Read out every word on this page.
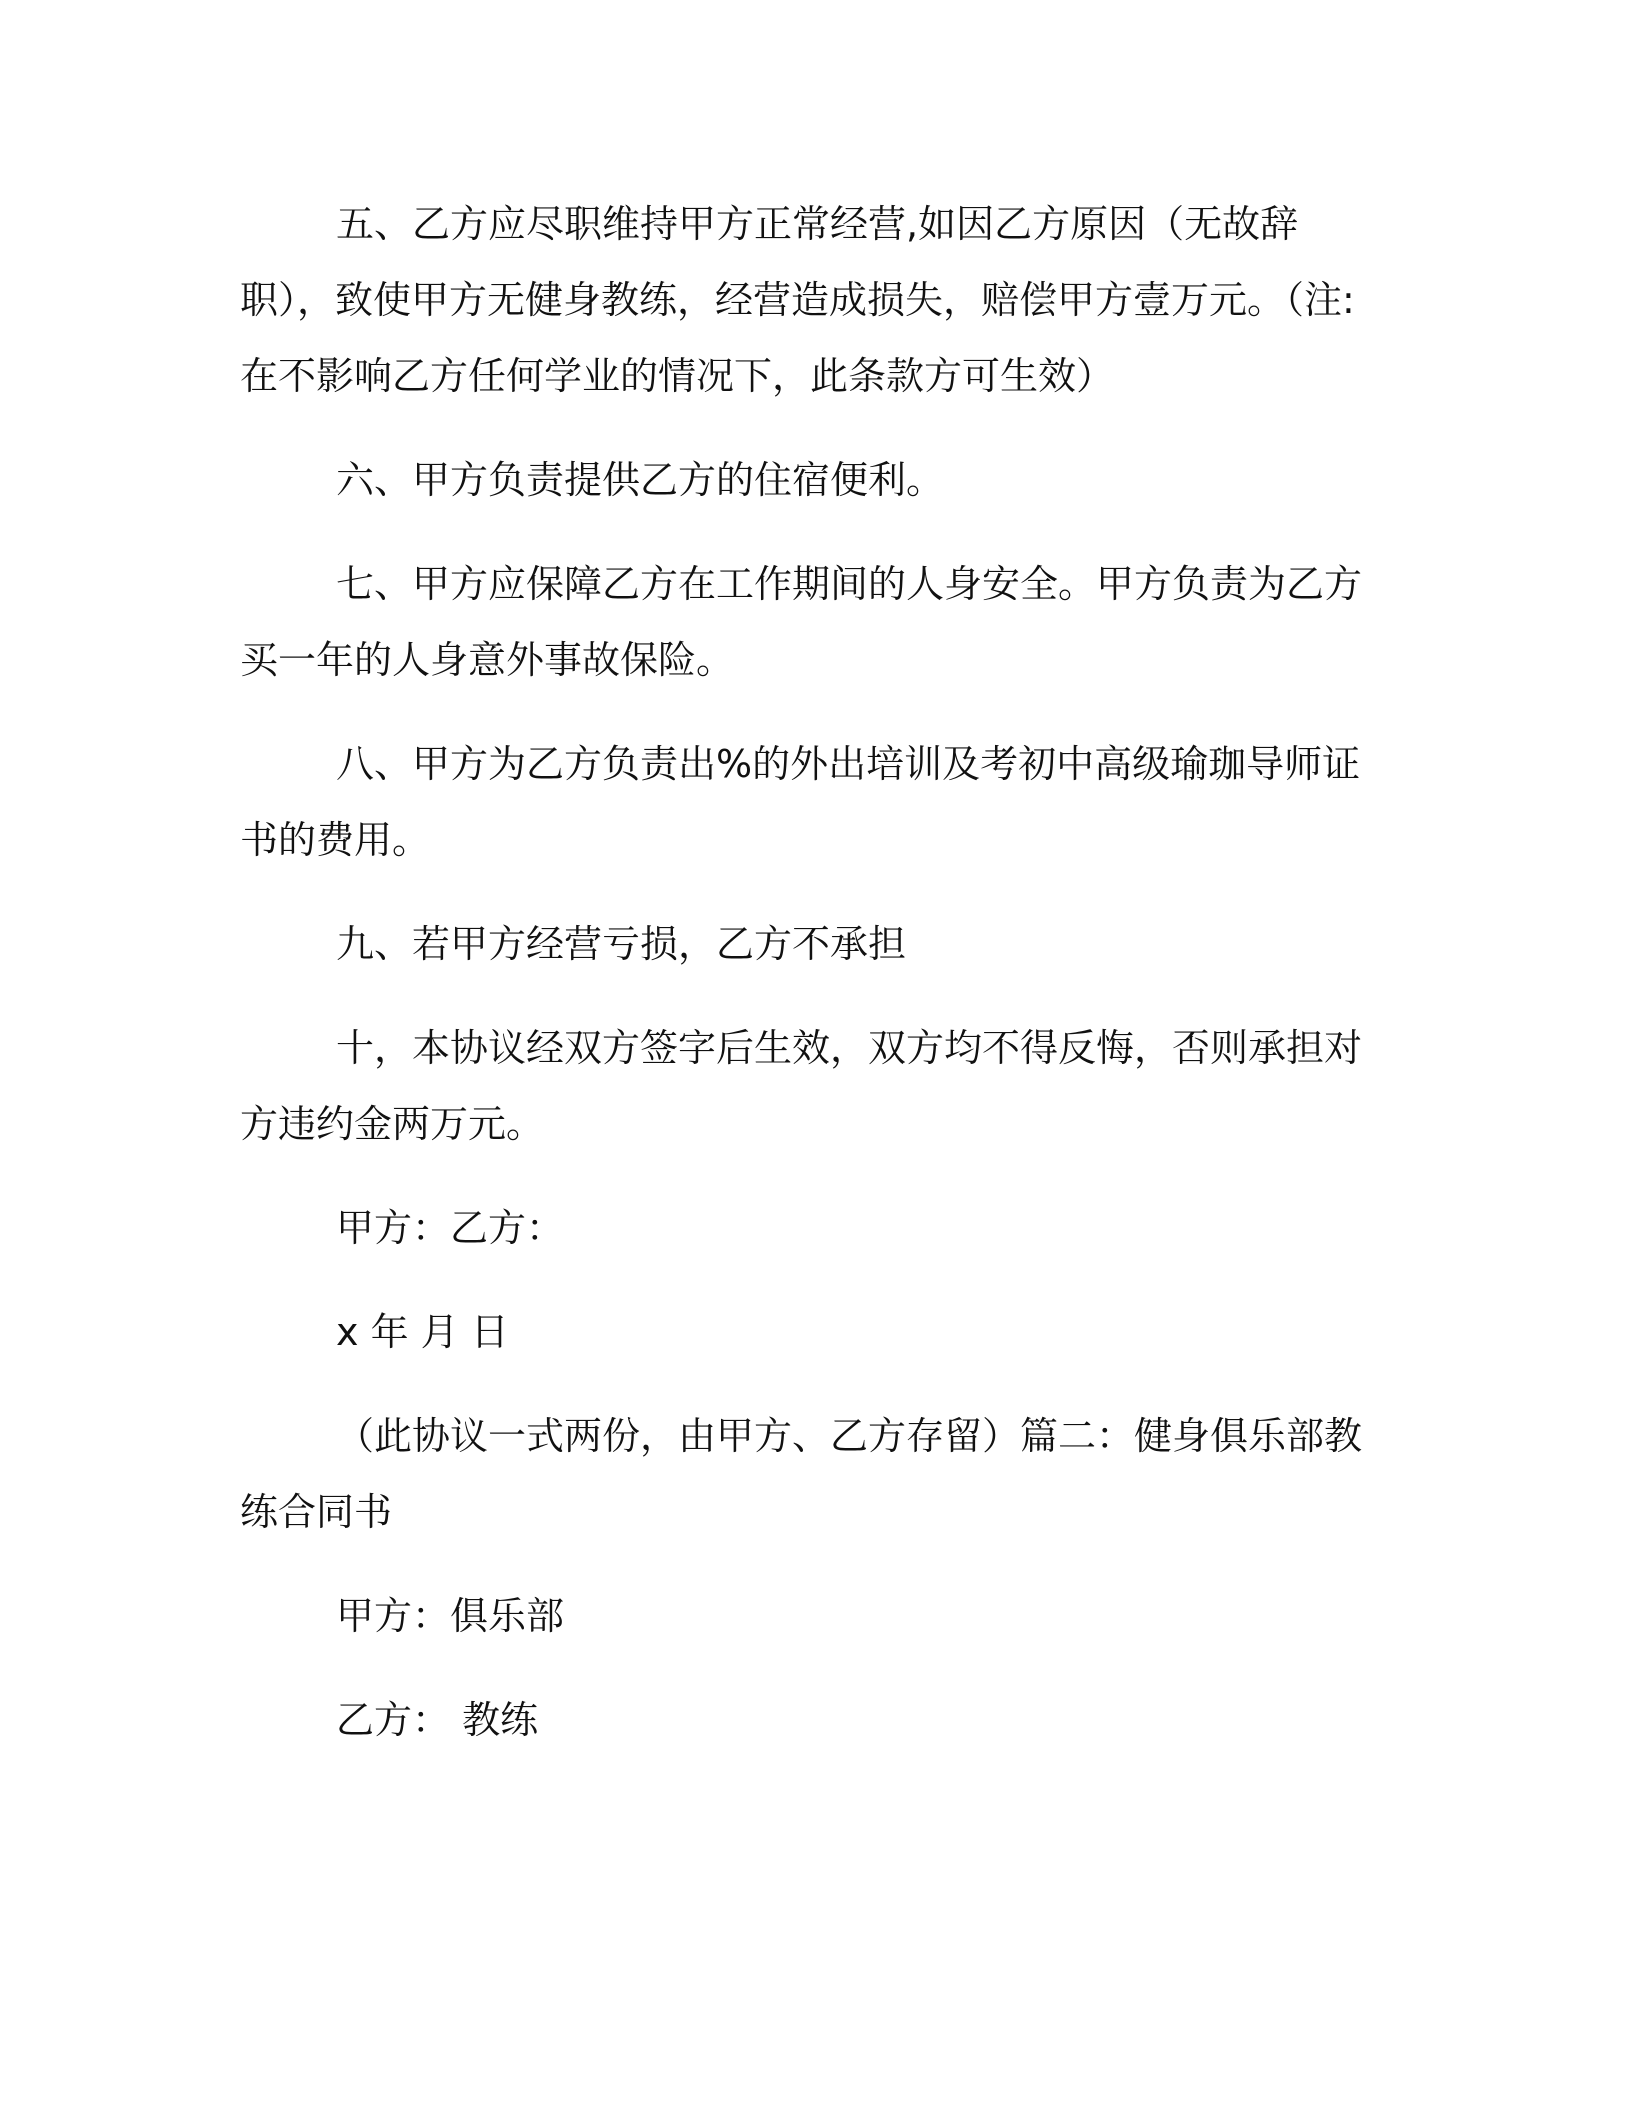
五、乙方应尽职维持甲方正常经营,如因乙方原因（无故辞职），致使甲方无健身教练，经营造成损失，赔偿甲方壹万元。（注:在不影响乙方任何学业的情况下，此条款方可生效）

六、甲方负责提供乙方的住宿便利。

七、甲方应保障乙方在工作期间的人身安全。甲方负责为乙方买一年的人身意外事故保险。

八、甲方为乙方负责出%的外出培训及考初中高级瑜珈导师证书的费用。

九、若甲方经营亏损，乙方不承担

十，本协议经双方签字后生效，双方均不得反悔，否则承担对方违约金两万元。

甲方：乙方：

x 年 月 日

（此协议一式两份，由甲方、乙方存留）篇二：健身俱乐部教练合同书

甲方：俱乐部

乙方： 教练
